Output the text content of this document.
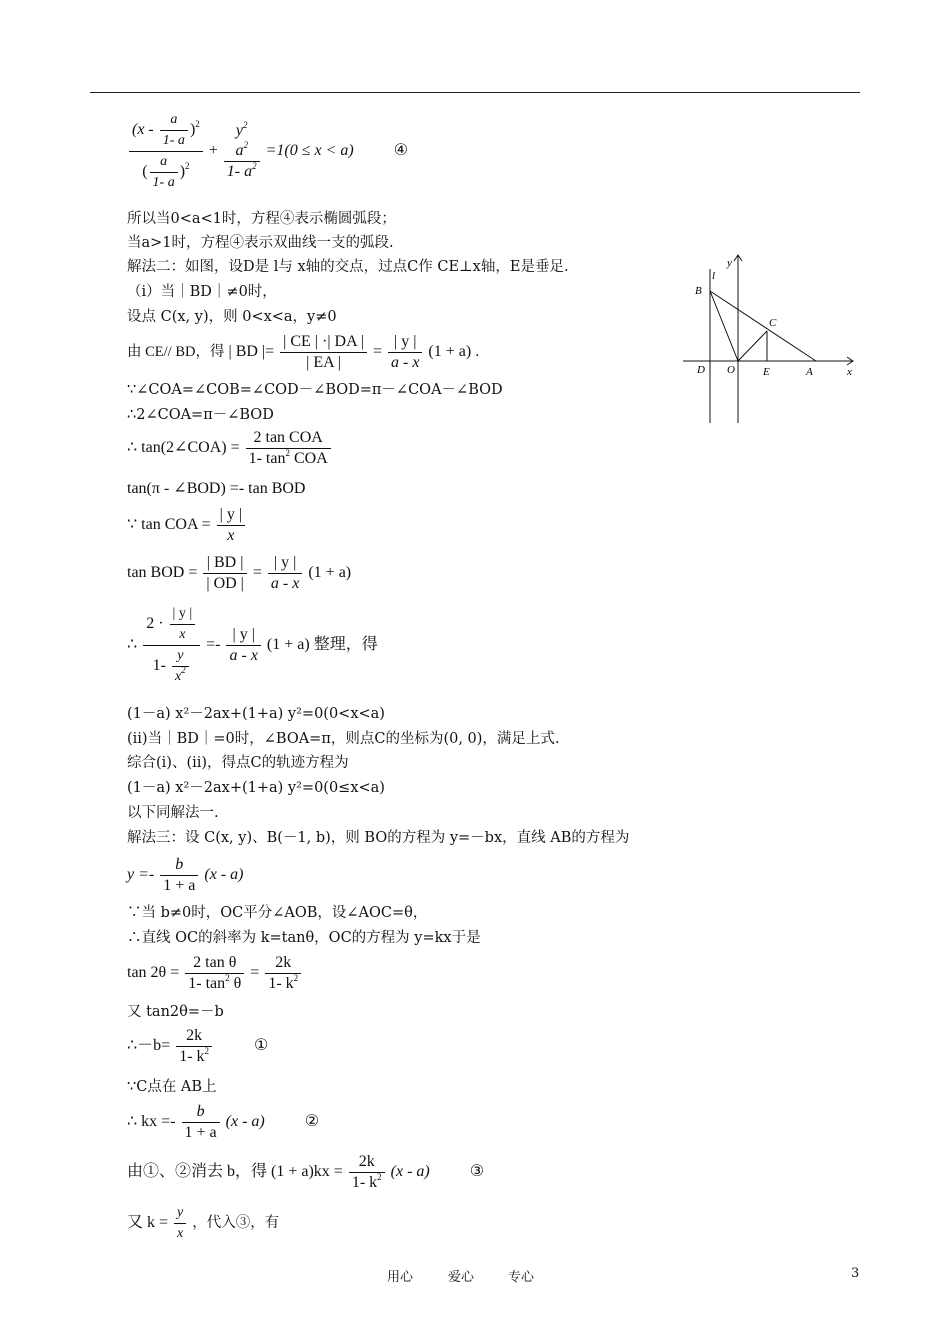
$\frac{(x - \frac{a}{1- a} )^2}{( \frac{a}{1- a} )^2}$ +
$y^2$
$a^2$
1- $a^2$
=1(0 ≤ x < a)	④
所以当0<a<1时，方程④表示椭圆弧段；
当a>1时，方程④表示双曲线一支的弧段.
解法二：如图，设D是 l与 x轴的交点，过点C作 CE⊥x轴，E是垂足.
（i）当｜BD｜≠0时，
设点 C(x, y)，则 0<x<a，y≠0
由 CE// BD，得 | BD |= $\frac{| CE | \cdot| DA |}{| EA |} = \frac{| y |}{a - x} (1 + a)$ .
∵∠COA=∠COB=∠COD－∠BOD=π－∠COA－∠BOD
∴2∠COA=π－∠BOD
∴ tan(2∠COA) = $\frac{\text{2 tan COA}}{1- \tan^2 COA}$
tan(π - ∠BOD) =- tan BOD
∵ tan COA = $\frac{| y |}{x}$
tan BOD = $\frac{| BD |}{| OD |} = \frac{| y |}{a - x} (1 + a)$
∴ $\frac{2 \cdot \frac{| y |}{x}}{1- \frac{y}{x^2}} =- \frac{| y |}{a - x} (1 + a)$ 整理，得
(1－a) x²－2ax+(1+a) y²=0(0<x<a)
(ii)当｜BD｜=0时，∠BOA=π，则点C的坐标为(0, 0)，满足上式.
综合(i)、(ii)，得点C的轨迹方程为
(1－a) x²－2ax+(1+a) y²=0(0≤x<a)
以下同解法一.
解法三：设 C(x, y)、B(－1, b)，则 BO的方程为 y=－bx，直线 AB的方程为
$y =- \frac{b}{1 + a} (x - a)$
∵当 b≠0时，OC平分∠AOB，设∠AOC=θ，
∴直线 OC的斜率为 k=tanθ，OC的方程为 y=kx于是
$\tan 2\theta = \frac{\text{2 tan θ}}{1- \tan^2 \theta} = \frac{2k}{1- k^2}$
又 tan2θ=－b
∴－b= $\frac{2k}{1- k^2}$	①
∵C点在 AB上
∴ kx =- $\frac{b}{1 + a} (x - a)$	②
由①、②消去 b，得 $(1 + a)kx = \frac{2k}{1- k^2} (x - a)$	③
又 $k = \frac{y}{x}$ ，代入③，有
y
l
B
C
D O	E	A	x
用心	爱心	专心	3
